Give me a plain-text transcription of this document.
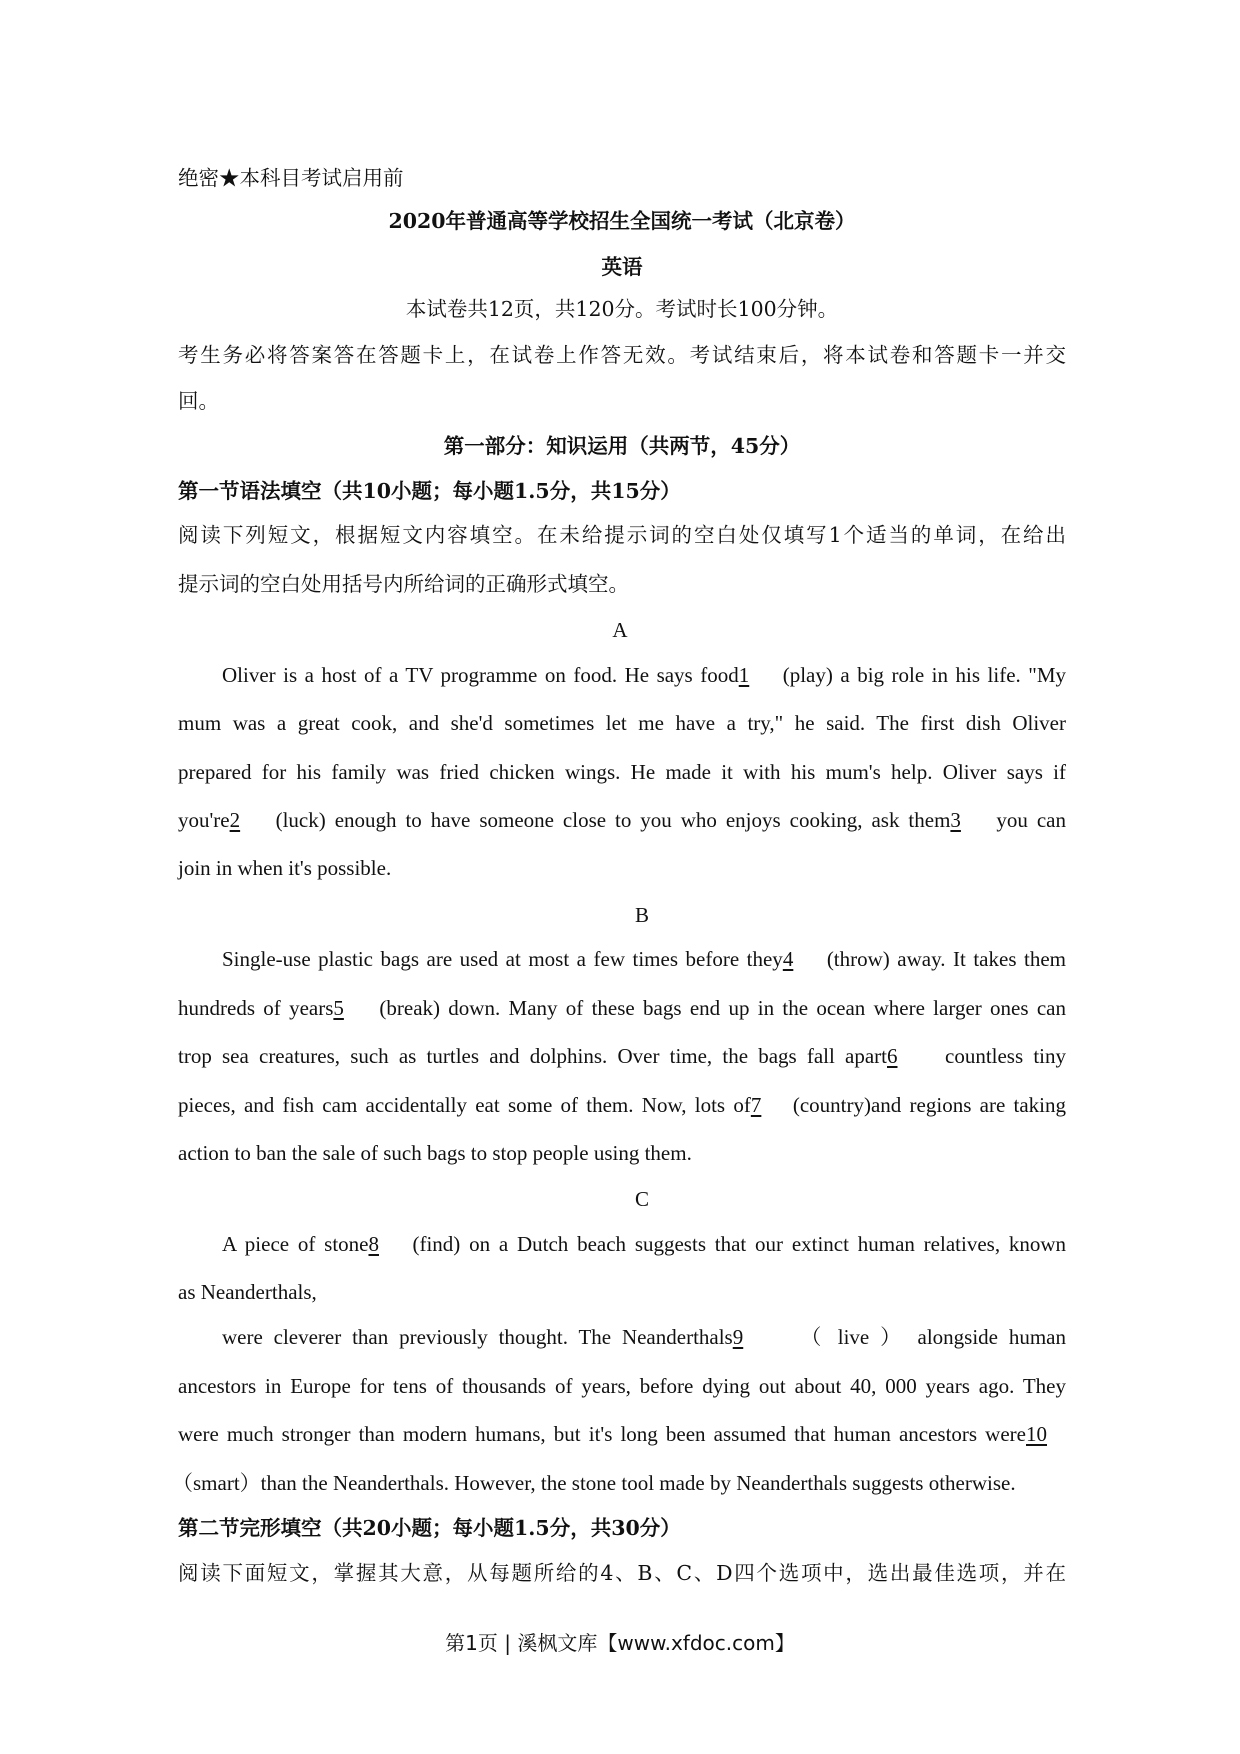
绝密★本科目考试启用前
2020年普通高等学校招生全国统一考试（北京卷）
英语
本试卷共12页，共120分。考试时长100分钟。
考生务必将答案答在答题卡上，在试卷上作答无效。考试结束后，将本试卷和答题卡一并交
回。
第一部分：知识运用（共两节，45分）
第一节语法填空（共10小题；每小题1.5分，共15分）
阅读下列短文，根据短文内容填空。在未给提示词的空白处仅填写1个适当的单词，在给出
提示词的空白处用括号内所给词的正确形式填空。
A
Oliver is a host of a TV programme on food. He says food1 (play) a big role in his life. "My
mum was a great cook, and she'd sometimes let me have a try," he said. The first dish Oliver
prepared for his family was fried chicken wings. He made it with his mum's help. Oliver says if
you're2 (luck) enough to have someone close to you who enjoys cooking, ask them3 you can
join in when it's possible.
B
Single-use plastic bags are used at most a few times before they4 (throw) away. It takes them
hundreds of years5 (break) down. Many of these bags end up in the ocean where larger ones can
trop sea creatures, such as turtles and dolphins. Over time, the bags fall apart6 countless tiny
pieces, and fish cam accidentally eat some of them. Now, lots of7 (country)and regions are taking
action to ban the sale of such bags to stop people using them.
C
A piece of stone8 (find) on a Dutch beach suggests that our extinct human relatives, known
as Neanderthals,
were cleverer than previously thought. The Neanderthals9 （ live ） alongside human
ancestors in Europe for tens of thousands of years, before dying out about 40, 000 years ago. They
were much stronger than modern humans, but it's long been assumed that human ancestors were10
（smart）than the Neanderthals. However, the stone tool made by Neanderthals suggests otherwise.
第二节完形填空（共20小题；每小题1.5分，共30分）
阅读下面短文，掌握其大意，从每题所给的4、B、C、D四个选项中，选出最佳选项，并在
第1页 | 溪枫文库【www.xfdoc.com】
